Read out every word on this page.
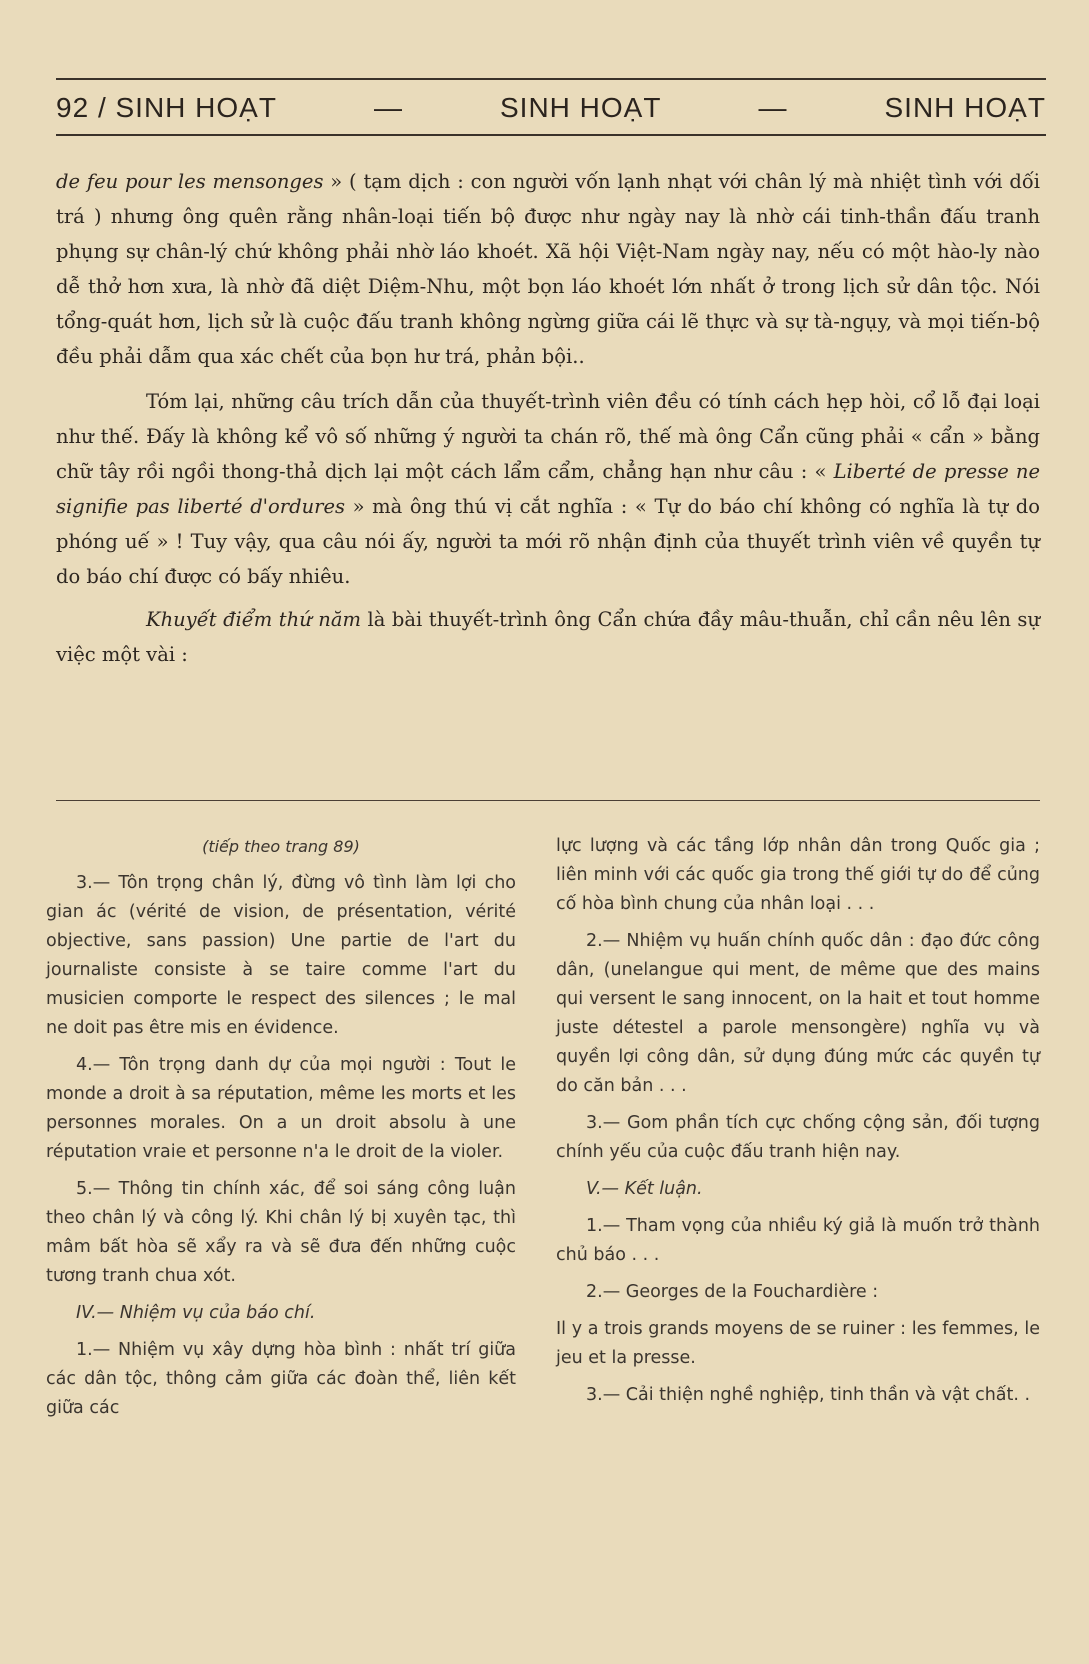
92 / SINH HOẠT	—	SINH HOẠT	—	SINH HOẠT

de feu pour les mensonges » ( tạm dịch : con người vốn lạnh nhạt với chân lý mà nhiệt tình với dối trá ) nhưng ông quên rằng nhân-loại tiến bộ được như ngày nay là nhờ cái tinh-thần đấu tranh phụng sự chân-lý chứ không phải nhờ láo khoét. Xã hội Việt-Nam ngày nay, nếu có một hào-ly nào dễ thở hơn xưa, là nhờ đã diệt Diệm-Nhu, một bọn láo khoét lớn nhất ở trong lịch sử dân tộc. Nói tổng-quát hơn, lịch sử là cuộc đấu tranh không ngừng giữa cái lẽ thực và sự tà-ngụy, và mọi tiến-bộ đều phải dẫm qua xác chết của bọn hư trá, phản bội..

Tóm lại, những câu trích dẫn của thuyết-trình viên đều có tính cách hẹp hòi, cổ lỗ đại loại như thế. Đấy là không kể vô số những ý người ta chán rõ, thế mà ông Cẩn cũng phải « cẩn » bằng chữ tây rồi ngồi thong-thả dịch lại một cách lẩm cẩm, chẳng hạn như câu : « Liberté de presse ne signifie pas liberté d'ordures » mà ông thú vị cắt nghĩa : « Tự do báo chí không có nghĩa là tự do phóng uế » ! Tuy vậy, qua câu nói ấy, người ta mới rõ nhận định của thuyết trình viên về quyền tự do báo chí được có bấy nhiêu.

Khuyết điểm thứ năm là bài thuyết-trình ông Cẩn chứa đầy mâu-thuẫn, chỉ cần nêu lên sự việc một vài :

(tiếp theo trang 89)

3.— Tôn trọng chân lý, đừng vô tình làm lợi cho gian ác (vérité de vision, de présentation, vérité objective, sans passion) Une partie de l'art du journaliste consiste à se taire comme l'art du musicien comporte le respect des silences ; le mal ne doit pas être mis en évidence.

4.— Tôn trọng danh dự của mọi người : Tout le monde a droit à sa réputation, même les morts et les personnes morales. On a un droit absolu à une réputation vraie et personne n'a le droit de la violer.

5.— Thông tin chính xác, để soi sáng công luận theo chân lý và công lý. Khi chân lý bị xuyên tạc, thì mâm bất hòa sẽ xẩy ra và sẽ đưa đến những cuộc tương tranh chua xót.

IV.— Nhiệm vụ của báo chí.

1.— Nhiệm vụ xây dựng hòa bình : nhất trí giữa các dân tộc, thông cảm giữa các đoàn thể, liên kết giữa các

lực lượng và các tầng lớp nhân dân trong Quốc gia ; liên minh với các quốc gia trong thế giới tự do để củng cố hòa bình chung của nhân loại . . .

2.— Nhiệm vụ huấn chính quốc dân : đạo đức công dân, (unelangue qui ment, de même que des mains qui versent le sang innocent, on la hait et tout homme juste détestel a parole mensongère) nghĩa vụ và quyền lợi công dân, sử dụng đúng mức các quyền tự do căn bản . . .

3.— Gom phần tích cực chống cộng sản, đối tượng chính yếu của cuộc đấu tranh hiện nay.

V.— Kết luận.

1.— Tham vọng của nhiều ký giả là muốn trở thành chủ báo . . .

2.— Georges de la Fouchardière :

Il y a trois grands moyens de se ruiner : les femmes, le jeu et la presse.

3.— Cải thiện nghề nghiệp, tinh thần và vật chất. .
